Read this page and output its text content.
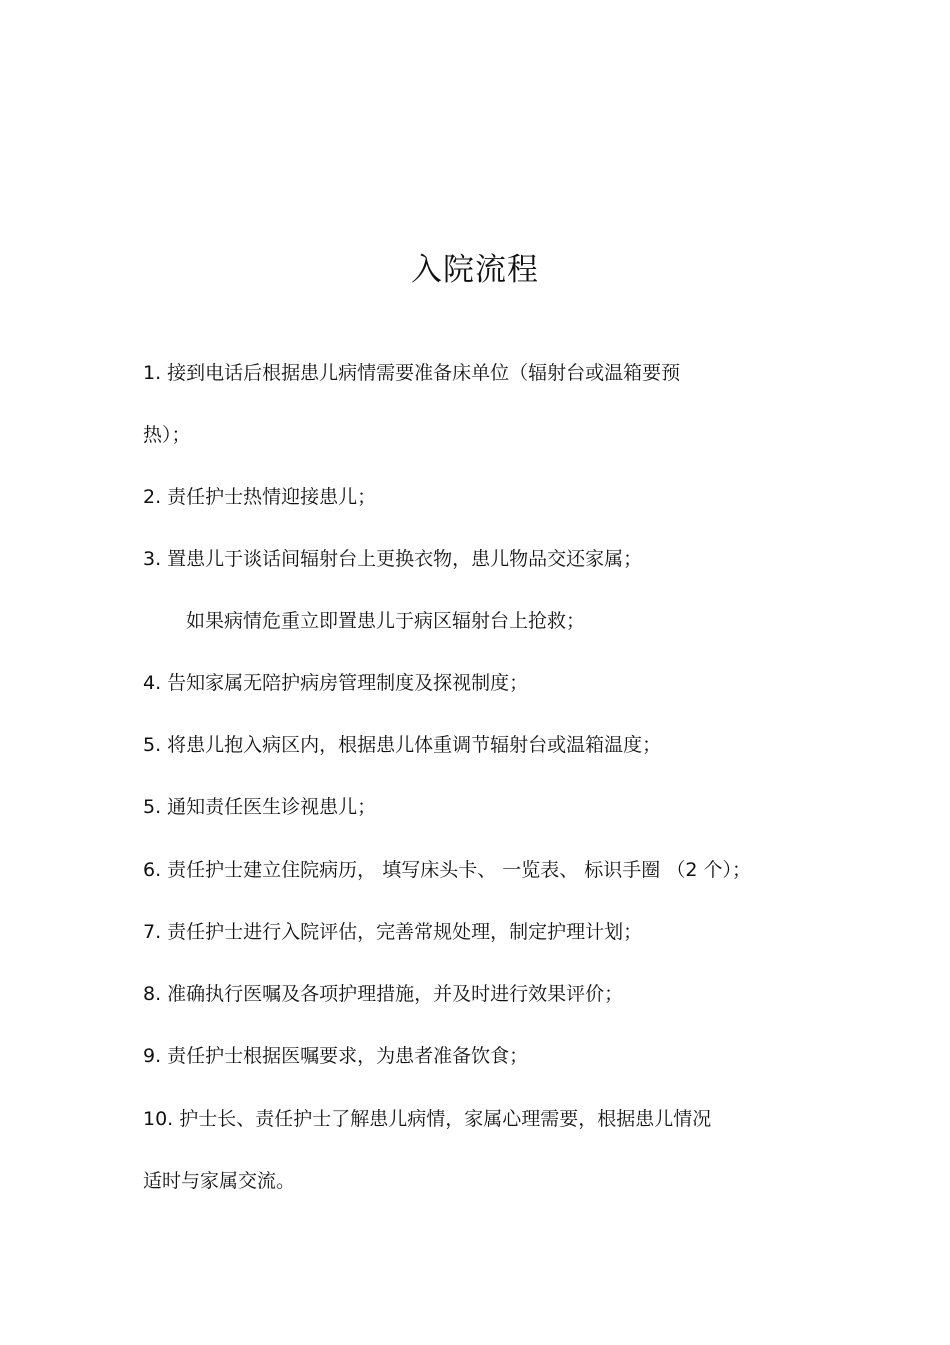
入院流程
1. 接到电话后根据患儿病情需要准备床单位（辐射台或温箱要预
热）；
2. 责任护士热情迎接患儿；
3. 置患儿于谈话间辐射台上更换衣物，患儿物品交还家属；
如果病情危重立即置患儿于病区辐射台上抢救；
4. 告知家属无陪护病房管理制度及探视制度；
5. 将患儿抱入病区内，根据患儿体重调节辐射台或温箱温度；
5. 通知责任医生诊视患儿；
6. 责任护士建立住院病历， 填写床头卡、 一览表、 标识手圈 （2 个）；
7. 责任护士进行入院评估，完善常规处理，制定护理计划；
8. 准确执行医嘱及各项护理措施，并及时进行效果评价；
9. 责任护士根据医嘱要求，为患者准备饮食；
10. 护士长、责任护士了解患儿病情，家属心理需要，根据患儿情况
适时与家属交流。
